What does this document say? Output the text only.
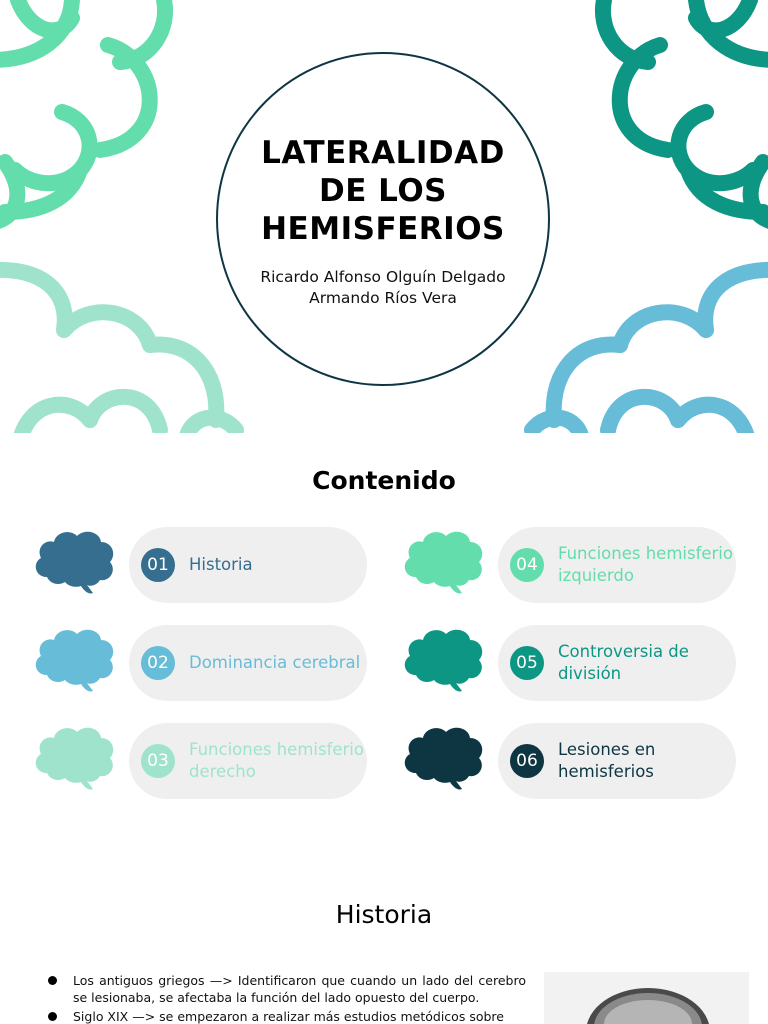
LATERALIDAD
DE LOS
HEMISFERIOS
Ricardo Alfonso Olguín Delgado
Armando Ríos Vera
Contenido
01	Historia
02	Dominancia cerebral
03
Funciones hemisferio derecho
04
Funciones hemisferio izquierdo
05
Controversia de división
06
Lesiones en hemisferios
Historia
Los antiguos griegos —> Identificaron que cuando un lado del cerebro se lesionaba, se afectaba la función del lado opuesto del cuerpo.
Siglo XIX —> se empezaron a realizar más estudios metódicos sobre
